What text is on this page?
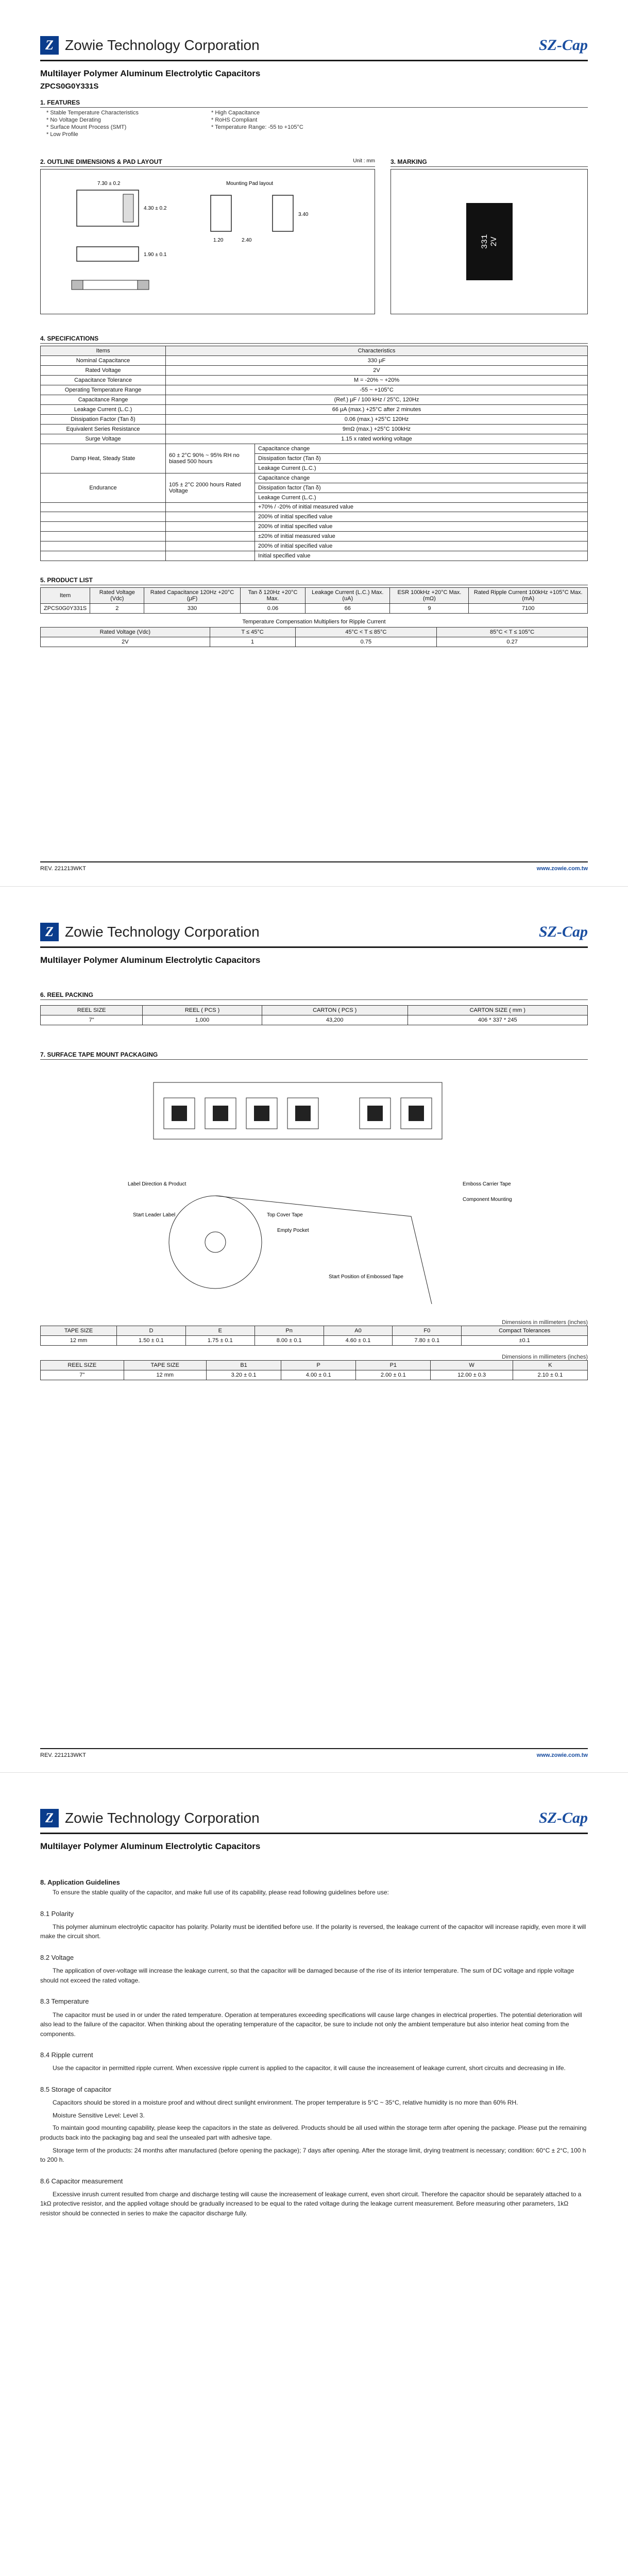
Z Zowie Technology Corporation	SZ-Cap
Multilayer Polymer Aluminum Electrolytic Capacitors
ZPCS0G0Y331S
1. FEATURES
* Stable Temperature Characteristics	* High Capacitance
* No Voltage Derating	* RoHS Compliant
* Surface Mount Process (SMT)	* Temperature Range: -55 to +105°C
* Low Profile
2. OUTLINE DIMENSIONS & PAD LAYOUT	Unit : mm
7.30 ± 0.2
4.30 ± 0.2
1.90 ± 0.1
Mounting Pad layout
2.40
1.20
3.40
3. MARKING
331 2V
4. SPECIFICATIONS
Items	Characteristics	
Nominal Capacitance	330 μF	
Rated Voltage	2V	
Capacitance Tolerance	M = -20% ~ +20%	
Operating Temperature Range	-55 ~ +105°C	
Capacitance Range	(Ref.) μF / 100 kHz / 25°C, 120Hz	
Leakage Current (L.C.)	66 μA (max.) +25°C after 2 minutes	
Dissipation Factor (Tan δ)	0.06 (max.) +25°C 120Hz	
Equivalent Series Resistance	9mΩ (max.) +25°C 100kHz	
Surge Voltage	1.15 x rated working voltage	
Damp Heat, Steady State	60 ± 2°C 90% ~ 95% RH no biased 500 hours	Capacitance change
		Dissipation factor (Tan δ)
		Leakage Current (L.C.)
Endurance	105 ± 2°C 2000 hours Rated Voltage	Capacitance change
		Dissipation factor (Tan δ)
		Leakage Current (L.C.)
		+70% / -20% of initial measured value
		200% of initial specified value
		200% of initial specified value
		±20% of initial measured value
		200% of initial specified value
		Initial specified value
5. PRODUCT LIST
Item	Rated Voltage (Vdc)	Rated Capacitance 120Hz +20°C (μF)	Tan δ 120Hz +20°C Max.	Leakage Current (L.C.) Max. (uA)	ESR 100kHz +20°C Max. (mΩ)	Rated Ripple Current 100kHz +105°C Max. (mA)
ZPCS0G0Y331S	2	330	0.06	66	9	7100
Temperature Compensation Multipliers for Ripple Current
Rated Voltage (Vdc)	T ≤ 45°C	45°C < T ≤ 85°C	85°C < T ≤ 105°C
2V	1	0.75	0.27
REV. 221213WKT	www.zowie.com.tw
Z Zowie Technology Corporation	SZ-Cap
Multilayer Polymer Aluminum Electrolytic Capacitors
6. REEL PACKING
REEL SIZE	REEL ( PCS )	CARTON ( PCS )	CARTON SIZE ( mm )
7"	1,000	43,200	406 * 337 * 245
7. SURFACE TAPE MOUNT PACKAGING
Label Direction & Product
Start Leader Label	Top Cover Tape
Empty Pocket
Start Position of Embossed Tape
Emboss Carrier Tape
Component Mounting
Dimensions in millimeters (inches)
TAPE SIZE	D	E	Pn	A0	F0	Compact Tolerances
12 mm	1.50 ± 0.1	1.75 ± 0.1	8.00 ± 0.1	4.60 ± 0.1	7.80 ± 0.1	±0.1
Dimensions in millimeters (inches)
REEL SIZE	TAPE SIZE	B1	P	P1	W	K
7"	12 mm	3.20 ± 0.1	4.00 ± 0.1	2.00 ± 0.1	12.00 ± 0.3	2.10 ± 0.1
REV. 221213WKT	www.zowie.com.tw
Z Zowie Technology Corporation	SZ-Cap
Multilayer Polymer Aluminum Electrolytic Capacitors
8. Application Guidelines

To ensure the stable quality of the capacitor, and make full use of its capability, please read following guidelines before use:

8.1 Polarity

This polymer aluminum electrolytic capacitor has polarity. Polarity must be identified before use. If the polarity is reversed, the leakage current of the capacitor will increase rapidly, even more it will make the circuit short.

8.2 Voltage

The application of over-voltage will increase the leakage current, so that the capacitor will be damaged because of the rise of its interior temperature. The sum of DC voltage and ripple voltage should not exceed the rated voltage.

8.3 Temperature

The capacitor must be used in or under the rated temperature. Operation at temperatures exceeding specifications will cause large changes in electrical properties. The potential deterioration will also lead to the failure of the capacitor. When thinking about the operating temperature of the capacitor, be sure to include not only the ambient temperature but also interior heat coming from the components.

8.4 Ripple current

Use the capacitor in permitted ripple current. When excessive ripple current is applied to the capacitor, it will cause the increasement of leakage current, short circuits and decreasing in life.

8.5 Storage of capacitor

Capacitors should be stored in a moisture proof and without direct sunlight environment. The proper temperature is 5°C ~ 35°C, relative humidity is no more than 60% RH.

Moisture Sensitive Level: Level 3.

To maintain good mounting capability, please keep the capacitors in the state as delivered. Products should be all used within the storage term after opening the package. Please put the remaining products back into the packaging bag and seal the unsealed part with adhesive tape.

Storage term of the products: 24 months after manufactured (before opening the package); 7 days after opening. After the storage limit, drying treatment is necessary; condition: 60°C ± 2°C, 100 h to 200 h.

8.6 Capacitor measurement

Excessive inrush current resulted from charge and discharge testing will cause the increasement of leakage current, even short circuit. Therefore the capacitor should be separately attached to a 1kΩ protective resistor, and the applied voltage should be gradually increased to be equal to the rated voltage during the leakage current measurement. Before measuring other parameters, 1kΩ resistor should be connected in series to make the capacitor discharge fully.
